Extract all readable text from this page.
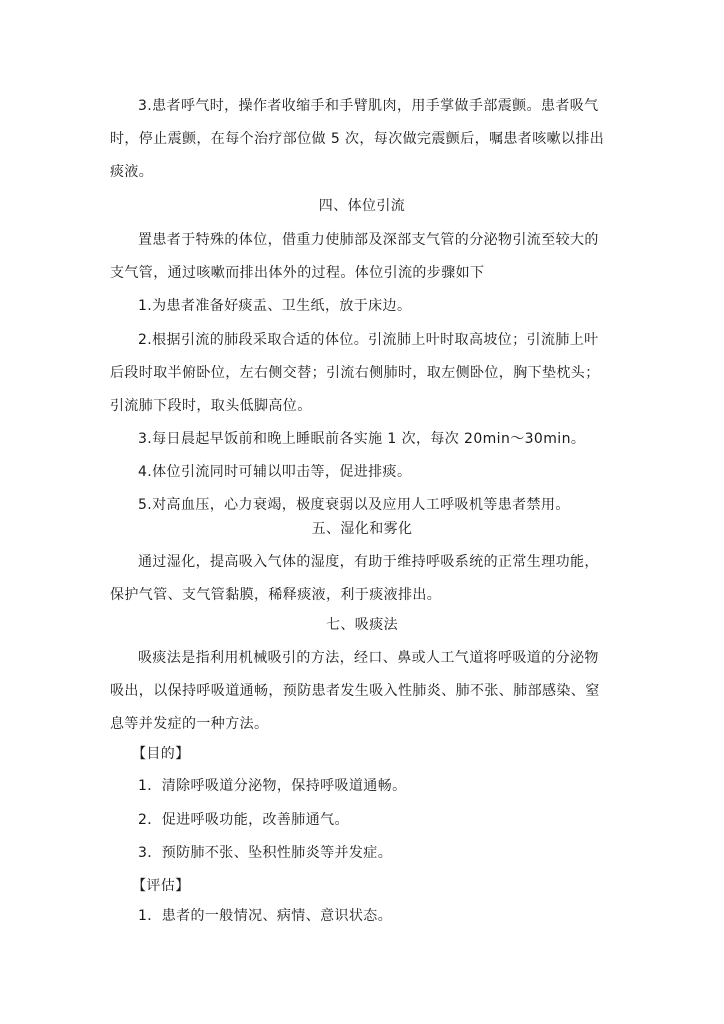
3.患者呼气时，操作者收缩手和手臂肌肉，用手掌做手部震颤。患者吸气
时，停止震颤，在每个治疗部位做 5 次，每次做完震颤后，嘱患者咳嗽以排出
痰液。
四、体位引流
置患者于特殊的体位，借重力使肺部及深部支气管的分泌物引流至较大的
支气管，通过咳嗽而排出体外的过程。体位引流的步骤如下
1.为患者准备好痰盂、卫生纸，放于床边。
2.根据引流的肺段采取合适的体位。引流肺上叶时取高坡位；引流肺上叶
后段时取半俯卧位，左右侧交替；引流右侧肺时，取左侧卧位，胸下垫枕头；
引流肺下段时，取头低脚高位。
3.每日晨起早饭前和晚上睡眠前各实施 1 次，每次 20min～30min。
4.体位引流同时可辅以叩击等，促进排痰。
5.对高血压，心力衰竭，极度衰弱以及应用人工呼吸机等患者禁用。
五、湿化和雾化
通过湿化，提高吸入气体的湿度，有助于维持呼吸系统的正常生理功能，
保护气管、支气管黏膜，稀释痰液，利于痰液排出。
七、吸痰法
吸痰法是指利用机械吸引的方法，经口、鼻或人工气道将呼吸道的分泌物
吸出，以保持呼吸道通畅，预防患者发生吸入性肺炎、肺不张、肺部感染、窒
息等并发症的一种方法。
【目的】
1．清除呼吸道分泌物，保持呼吸道通畅。
2．促进呼吸功能，改善肺通气。
3．预防肺不张、坠积性肺炎等并发症。
【评估】
1．患者的一般情况、病情、意识状态。
